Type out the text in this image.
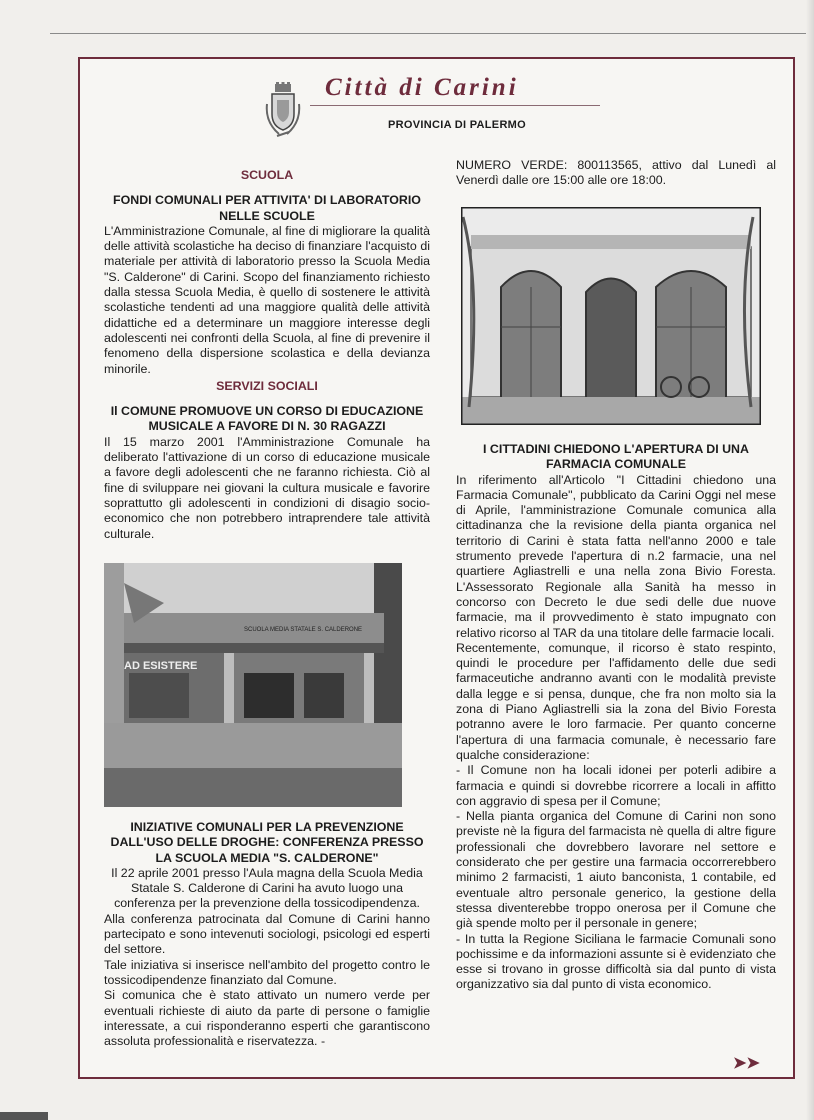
Città di Carini
PROVINCIA DI PALERMO

SCUOLA

FONDI COMUNALI PER ATTIVITA' DI LABORATORIO NELLE SCUOLE

L'Amministrazione Comunale, al fine di migliorare la qualità delle attività scolastiche ha deciso di finanziare l'acquisto di materiale per attività di laboratorio presso la Scuola Media "S. Calderone" di Carini. Scopo del finanziamento richiesto dalla stessa Scuola Media, è quello di sostenere le attività scolastiche tendenti ad una maggiore qualità delle attività didattiche ed a determinare un maggiore interesse degli adolescenti nei confronti della Scuola, al fine di prevenire il fenomeno della dispersione scolastica e della devianza minorile.

SERVIZI SOCIALI

Il COMUNE PROMUOVE UN CORSO DI EDUCAZIONE MUSICALE A FAVORE DI N. 30 RAGAZZI

Il 15 marzo 2001 l'Amministrazione Comunale ha deliberato l'attivazione di un corso di educazione musicale a favore degli adolescenti che ne faranno richiesta. Ciò al fine di sviluppare nei giovani la cultura musicale e favorire soprattutto gli adolescenti in condizioni di disagio socio-economico che non potrebbero intraprendere tale attività culturale.

AD ESISTERE
SCUOLA MEDIA STATALE S. CALDERONE

INIZIATIVE COMUNALI PER LA PREVENZIONE DALL'USO DELLE DROGHE: CONFERENZA PRESSO LA SCUOLA MEDIA "S. CALDERONE"

Il 22 aprile 2001 presso l'Aula magna della Scuola Media Statale S. Calderone di Carini ha avuto luogo una conferenza per la prevenzione della tossicodipendenza.

Alla conferenza patrocinata dal Comune di Carini hanno partecipato e sono intevenuti sociologi, psicologi ed esperti del settore.

Tale iniziativa si inserisce nell'ambito del progetto contro le tossicodipendenze finanziato dal Comune.

Si comunica che è stato attivato un numero verde per eventuali richieste di aiuto da parte di persone o famiglie interessate, a cui risponderanno esperti che garantiscono assoluta professionalità e riservatezza. -

NUMERO VERDE: 800113565, attivo dal Lunedì al Venerdì dalle ore 15:00 alle ore 18:00.

I CITTADINI CHIEDONO L'APERTURA DI UNA FARMACIA COMUNALE

In riferimento all'Articolo "I Cittadini chiedono una Farmacia Comunale", pubblicato da Carini Oggi nel mese di Aprile, l'amministrazione Comunale comunica alla cittadinanza che la revisione della pianta organica nel territorio di Carini è stata fatta nell'anno 2000 e tale strumento prevede l'apertura di n.2 farmacie, una nel quartiere Agliastrelli e una nella zona Bivio Foresta. L'Assessorato Regionale alla Sanità ha messo in concorso con Decreto le due sedi delle due nuove farmacie, ma il provvedimento è stato impugnato con relativo ricorso al TAR da una titolare delle farmacie locali.

Recentemente, comunque, il ricorso è stato respinto, quindi le procedure per l'affidamento delle due sedi farmaceutiche andranno avanti con le modalità previste dalla legge e si pensa, dunque, che fra non molto sia la zona di Piano Agliastrelli sia la zona del Bivio Foresta potranno avere le loro farmacie. Per quanto concerne l'apertura di una farmacia comunale, è necessario fare qualche considerazione:

- Il Comune non ha locali idonei per poterli adibire a farmacia e quindi si dovrebbe ricorrere a locali in affitto con aggravio di spesa per il Comune;

- Nella pianta organica del Comune di Carini non sono previste nè la figura del farmacista nè quella di altre figure professionali che dovrebbero lavorare nel settore e considerato che per gestire una farmacia occorrerebbero minimo 2 farmacisti, 1 aiuto banconista, 1 contabile, ed eventuale altro personale generico, la gestione della stessa diventerebbe troppo onerosa per il Comune che già spende molto per il personale in genere;

- In tutta la Regione Siciliana le farmacie Comunali sono pochissime e da informazioni assunte si è evidenziato che esse si trovano in grosse difficoltà sia dal punto di vista organizzativo sia dal punto di vista economico.

➤➤
